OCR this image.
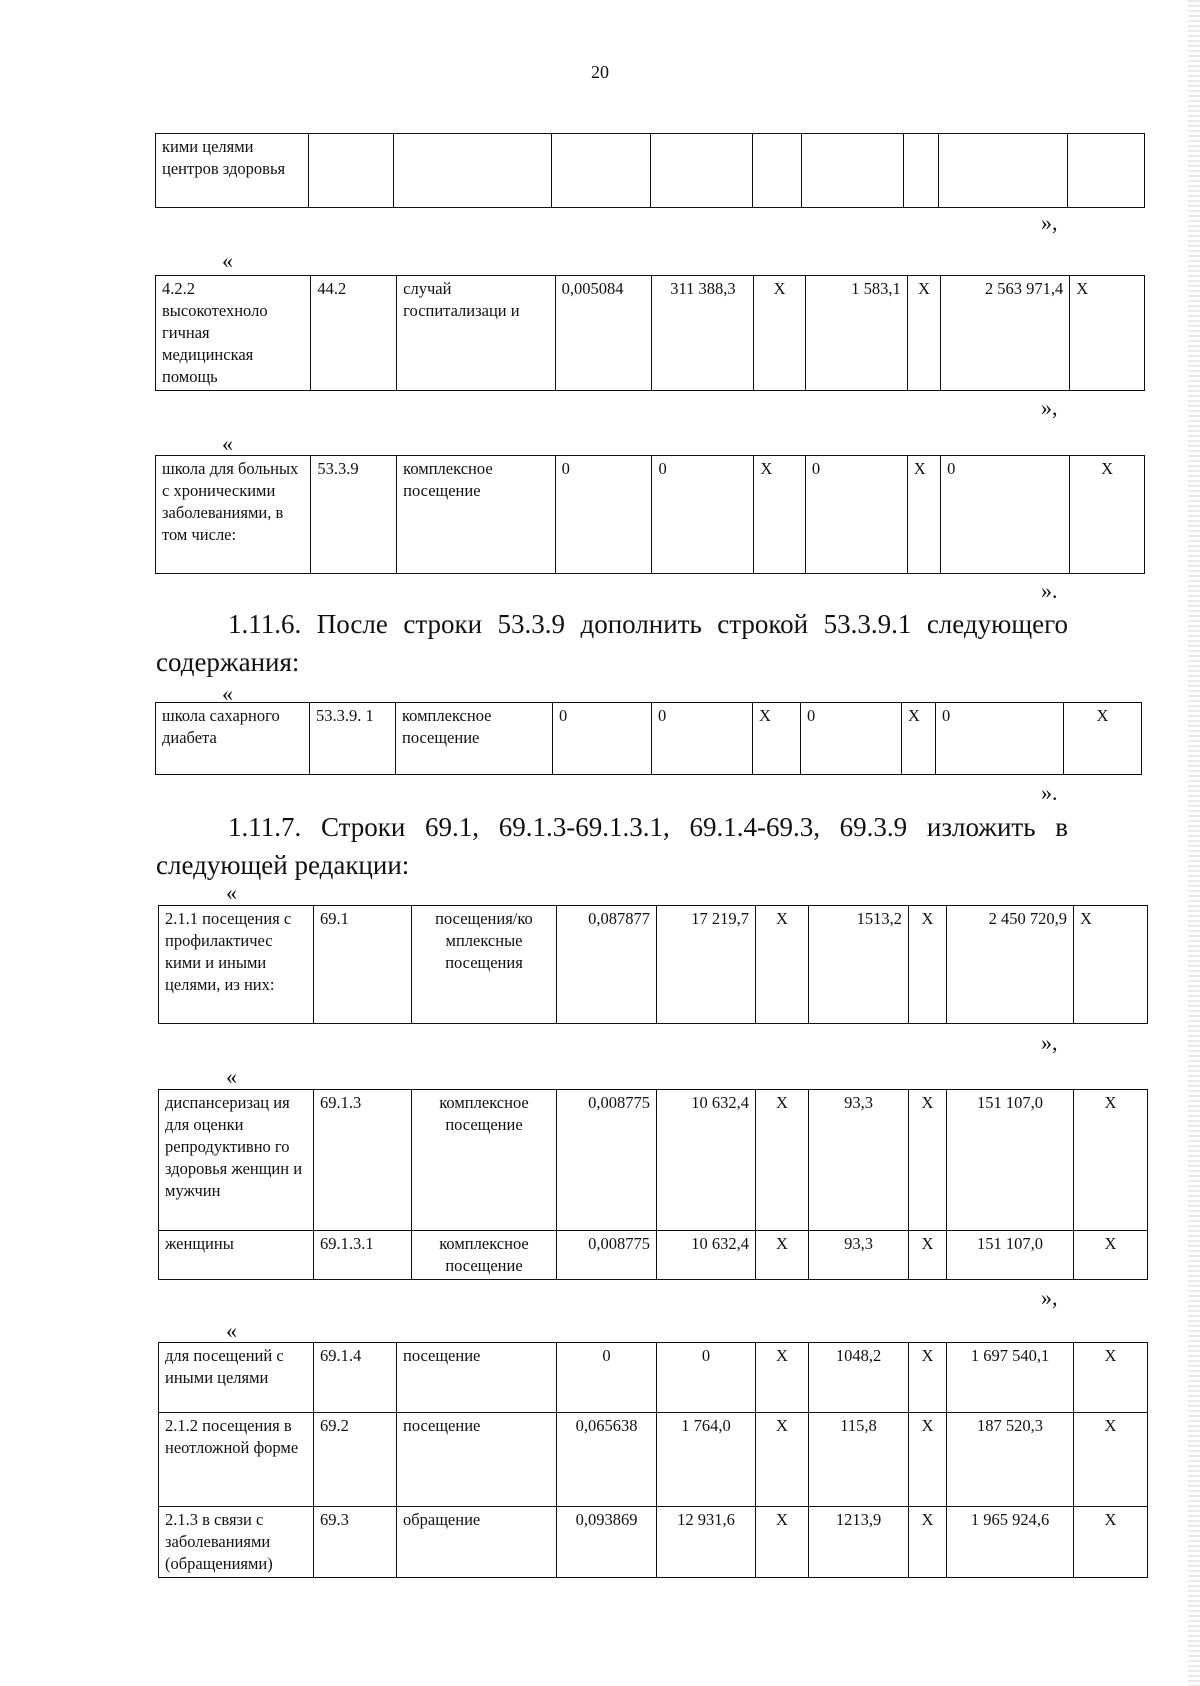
20
кими целями центров здоровья									
»,
«
4.2.2 высокотехноло гичная медицинская помощь	44.2	случай госпитализаци и	0,005084	311 388,3	Х	1 583,1	Х	2 563 971,4	Х
»,
«
школа для больных с хроническими заболеваниями, в том числе:	53.3.9	комплексное посещение	0	0	Х	0	Х	0	Х
».
1.11.6. После строки 53.3.9 дополнить строкой 53.3.9.1 следующего содержания:
«
школа сахарного диабета	53.3.9. 1	комплексное посещение	0	0	Х	0	Х	0	Х
».
1.11.7. Строки 69.1, 69.1.3-69.1.3.1, 69.1.4-69.3, 69.3.9 изложить в следующей редакции:
«
2.1.1 посещения с профилактичес кими и иными целями, из них:	69.1	посещения/ко мплексные посещения	0,087877	17 219,7	Х	1513,2	Х	2 450 720,9	Х
»,
«
диспансеризац ия для оценки репродуктивно го здоровья женщин и мужчин	69.1.3	комплексное посещение	0,008775	10 632,4	Х	93,3	Х	151 107,0	Х
женщины	69.1.3.1	комплексное посещение	0,008775	10 632,4	Х	93,3	Х	151 107,0	Х
»,
«
для посещений с иными целями	69.1.4	посещение	0	0	Х	1048,2	Х	1 697 540,1	Х
2.1.2 посещения в неотложной форме	69.2	посещение	0,065638	1 764,0	Х	115,8	Х	187 520,3	Х
2.1.3 в связи с заболеваниями (обращениями)	69.3	обращение	0,093869	12 931,6	Х	1213,9	Х	1 965 924,6	Х
